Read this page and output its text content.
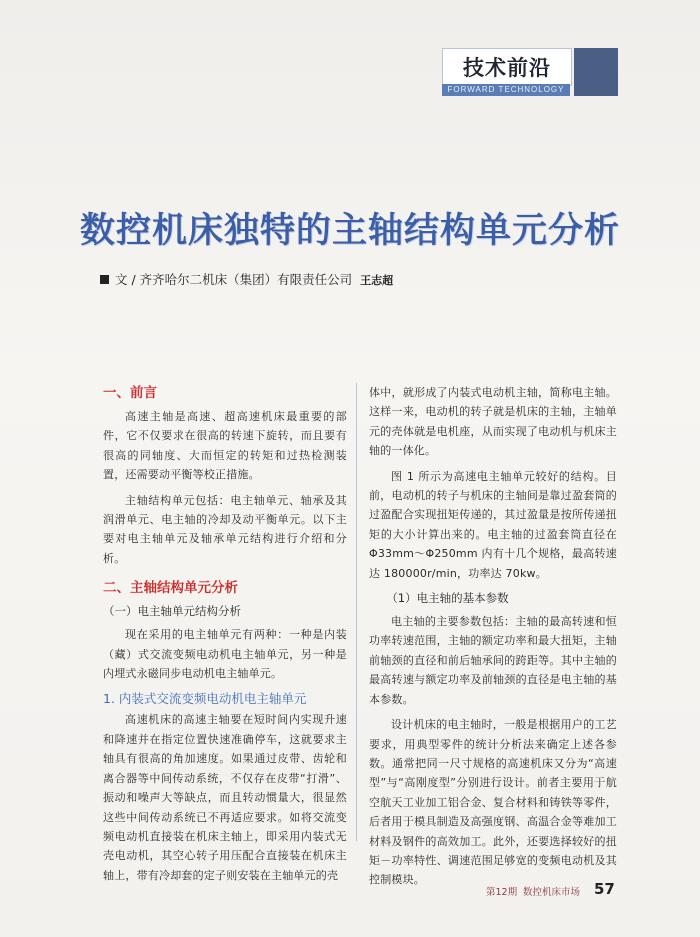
技术前沿
FORWARD TECHNOLOGY
数控机床独特的主轴结构单元分析
文 / 齐齐哈尔二机床（集团）有限责任公司 王志超
一、前言

高速主轴是高速、超高速机床最重要的部件，它不仅要求在很高的转速下旋转，而且要有很高的同轴度、大而恒定的转矩和过热检测装置，还需要动平衡等校正措施。

主轴结构单元包括：电主轴单元、轴承及其润滑单元、电主轴的冷却及动平衡单元。以下主要对电主轴单元及轴承单元结构进行介绍和分析。

二、主轴结构单元分析
（一）电主轴单元结构分析

现在采用的电主轴单元有两种：一种是内装（藏）式交流变频电动机电主轴单元，另一种是内埋式永磁同步电动机电主轴单元。

1. 内装式交流变频电动机电主轴单元

高速机床的高速主轴要在短时间内实现升速和降速并在指定位置快速准确停车，这就要求主轴具有很高的角加速度。如果通过皮带、齿轮和离合器等中间传动系统，不仅存在皮带“打滑”、振动和噪声大等缺点，而且转动惯量大，很显然这些中间传动系统已不再适应要求。如将交流变频电动机直接装在机床主轴上，即采用内装式无壳电动机，其空心转子用压配合直接装在机床主轴上，带有冷却套的定子则安装在主轴单元的壳

体中，就形成了内装式电动机主轴，简称电主轴。这样一来，电动机的转子就是机床的主轴，主轴单元的壳体就是电机座，从而实现了电动机与机床主轴的一体化。

图 1 所示为高速电主轴单元较好的结构。目前，电动机的转子与机床的主轴间是靠过盈套筒的过盈配合实现扭矩传递的，其过盈量是按所传递扭矩的大小计算出来的。电主轴的过盈套筒直径在 Φ33mm～Φ250mm 内有十几个规格，最高转速达 180000r/min，功率达 70kw。

（1）电主轴的基本参数

电主轴的主要参数包括：主轴的最高转速和恒功率转速范围，主轴的额定功率和最大扭矩，主轴前轴颈的直径和前后轴承间的跨距等。其中主轴的最高转速与额定功率及前轴颈的直径是电主轴的基本参数。

设计机床的电主轴时，一般是根据用户的工艺要求，用典型零件的统计分析法来确定上述各参数。通常把同一尺寸规格的高速机床又分为“高速型”与“高刚度型”分别进行设计。前者主要用于航空航天工业加工铝合金、复合材料和铸铁等零件，后者用于模具制造及高强度钢、高温合金等难加工材料及钢件的高效加工。此外，还要选择较好的扭矩－功率特性、调速范围足够宽的变频电动机及其控制模块。

第12期 数控机床市场 57
